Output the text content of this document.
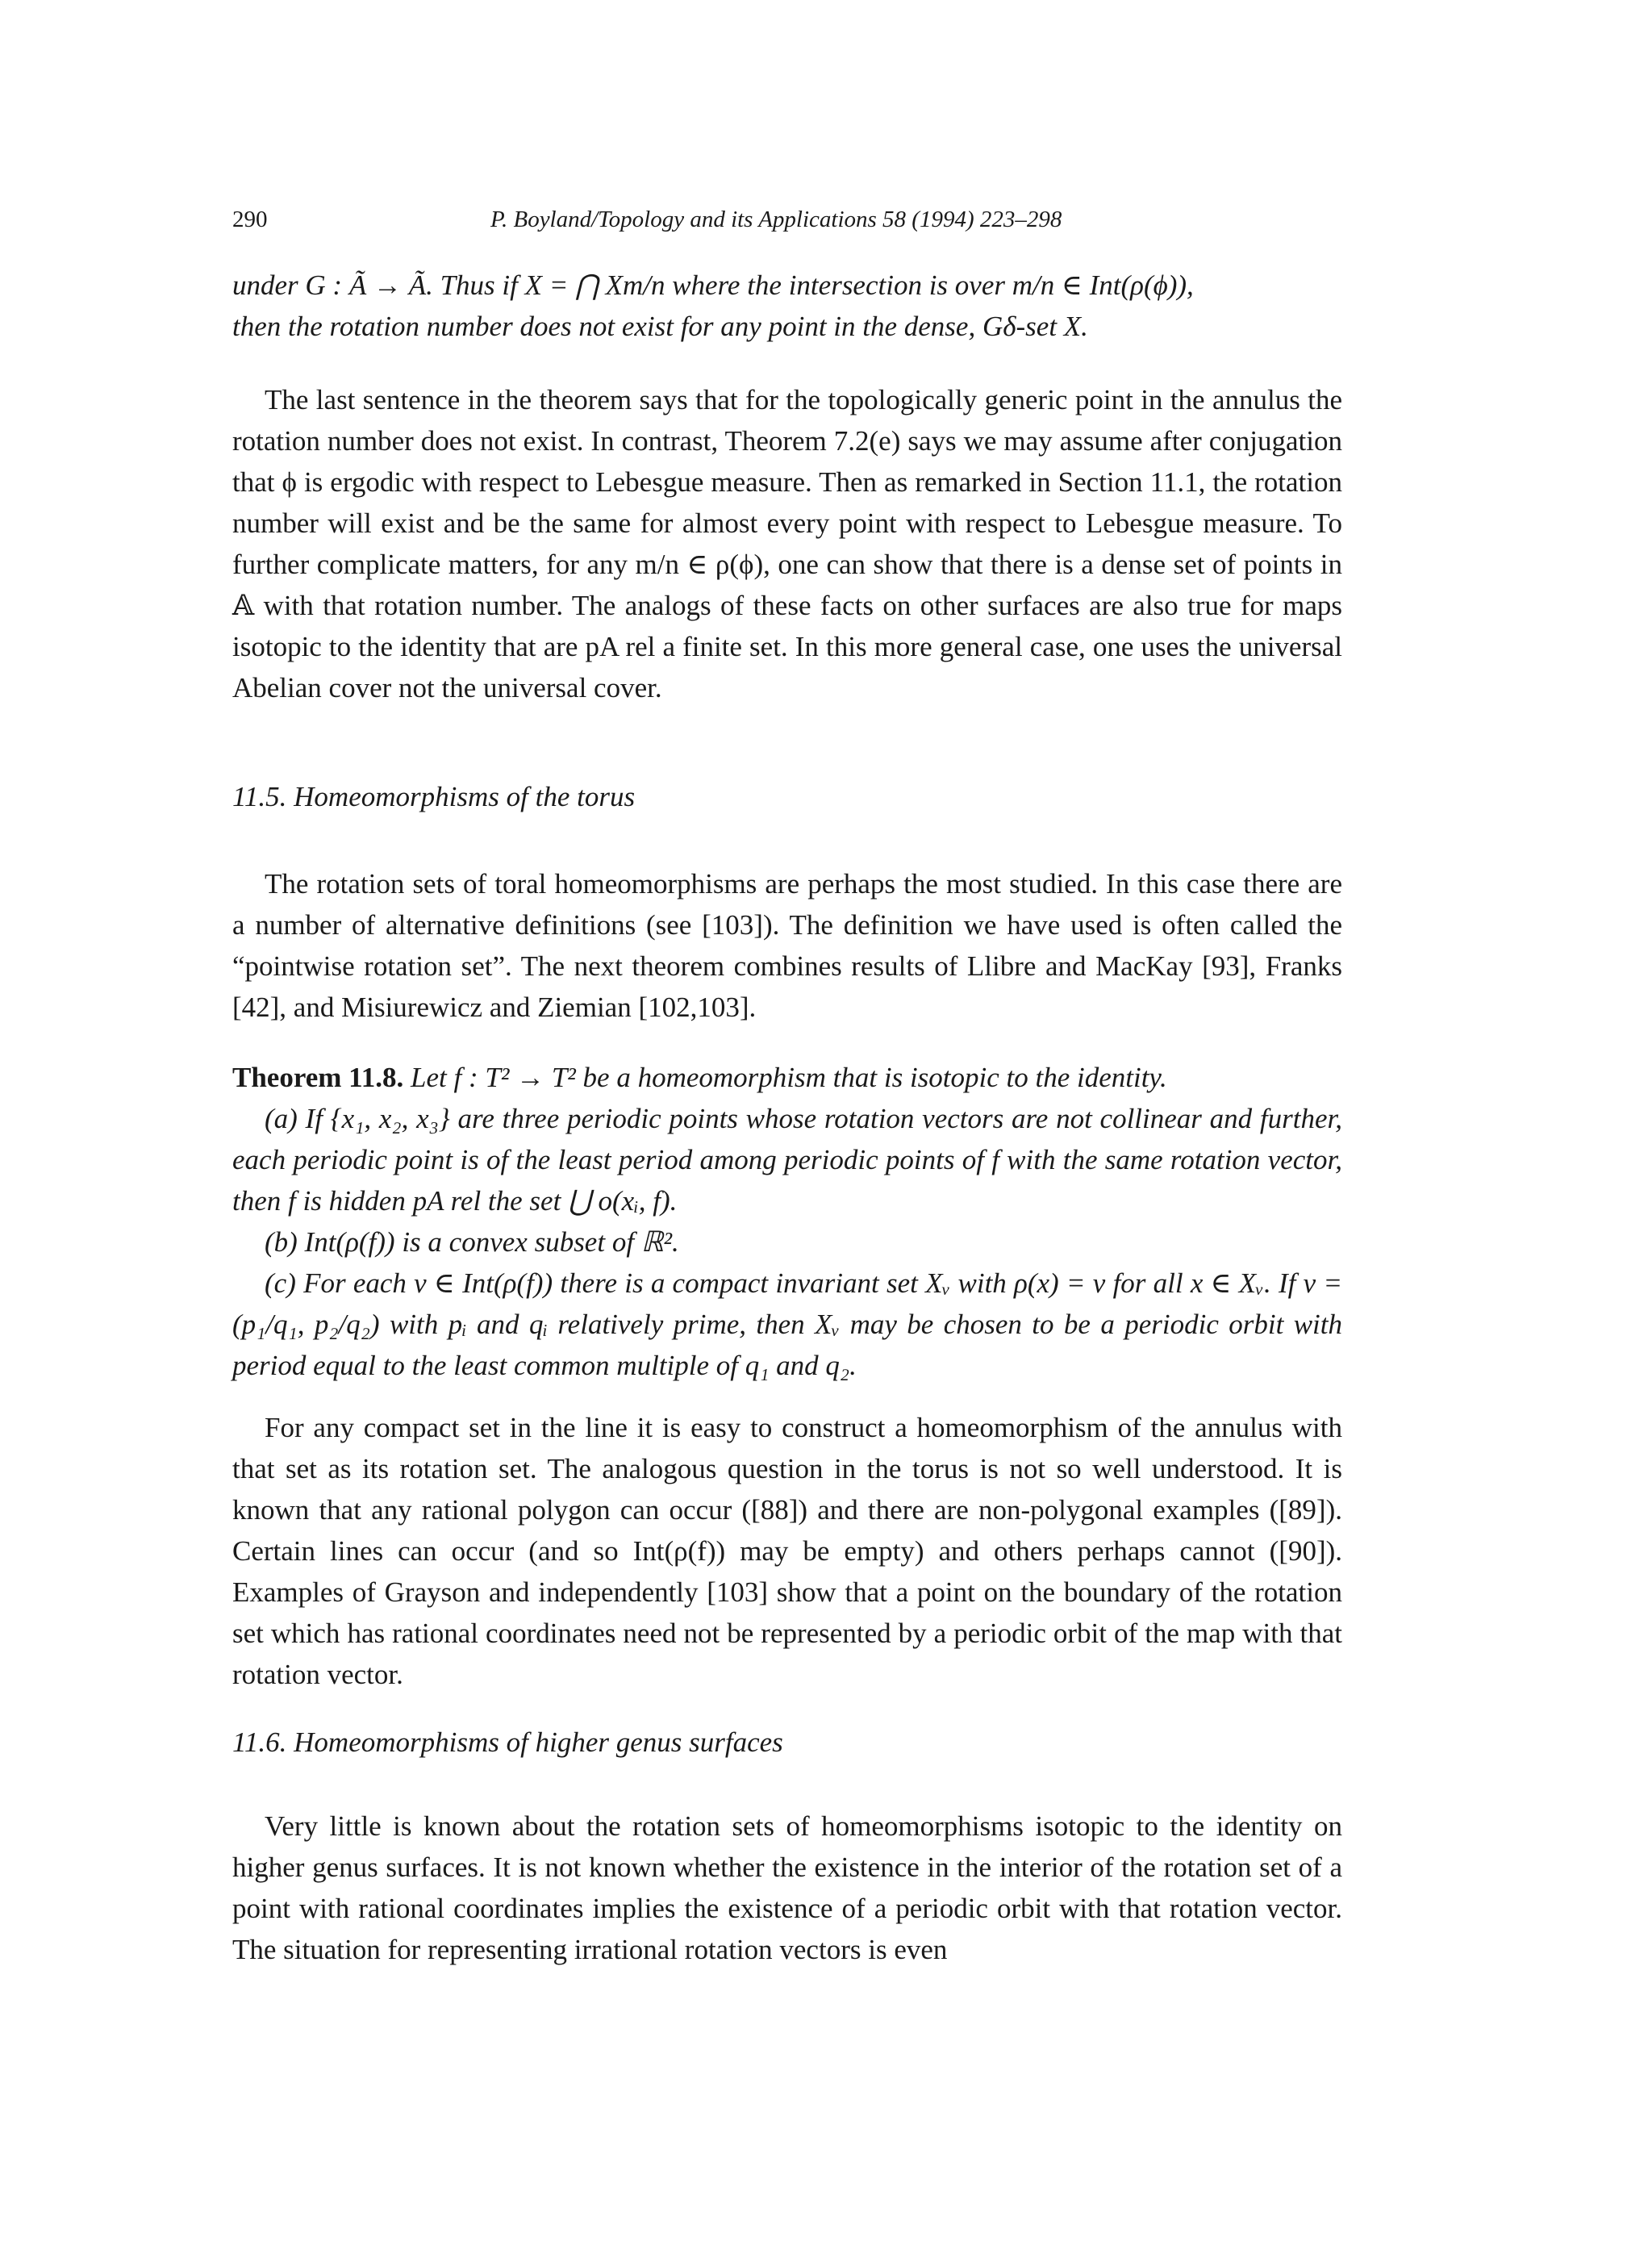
290	P. Boyland/Topology and its Applications 58 (1994) 223–298

under G : Ã → Ã. Thus if X = ⋂ Xm/n where the intersection is over m/n ∈ Int(ρ(ϕ)),

then the rotation number does not exist for any point in the dense, Gδ-set X.

The last sentence in the theorem says that for the topologically generic point in the annulus the rotation number does not exist. In contrast, Theorem 7.2(e) says we may assume after conjugation that ϕ is ergodic with respect to Lebesgue measure. Then as remarked in Section 11.1, the rotation number will exist and be the same for almost every point with respect to Lebesgue measure. To further complicate matters, for any m/n ∈ ρ(ϕ), one can show that there is a dense set of points in 𝔸 with that rotation number. The analogs of these facts on other surfaces are also true for maps isotopic to the identity that are pA rel a finite set. In this more general case, one uses the universal Abelian cover not the universal cover.

11.5. Homeomorphisms of the torus

The rotation sets of toral homeomorphisms are perhaps the most studied. In this case there are a number of alternative definitions (see [103]). The definition we have used is often called the “pointwise rotation set”. The next theorem combines results of Llibre and MacKay [93], Franks [42], and Misiurewicz and Ziemian [102,103].

Theorem 11.8. Let f : T² → T² be a homeomorphism that is isotopic to the identity.

(a) If {x₁, x₂, x₃} are three periodic points whose rotation vectors are not collinear and further, each periodic point is of the least period among periodic points of f with the same rotation vector, then f is hidden pA rel the set ⋃ o(xᵢ, f).

(b) Int(ρ(f)) is a convex subset of ℝ².

(c) For each v ∈ Int(ρ(f)) there is a compact invariant set Xᵥ with ρ(x) = v for all x ∈ Xᵥ. If v = (p₁/q₁, p₂/q₂) with pᵢ and qᵢ relatively prime, then Xᵥ may be chosen to be a periodic orbit with period equal to the least common multiple of q₁ and q₂.

For any compact set in the line it is easy to construct a homeomorphism of the annulus with that set as its rotation set. The analogous question in the torus is not so well understood. It is known that any rational polygon can occur ([88]) and there are non-polygonal examples ([89]). Certain lines can occur (and so Int(ρ(f)) may be empty) and others perhaps cannot ([90]). Examples of Grayson and independently [103] show that a point on the boundary of the rotation set which has rational coordinates need not be represented by a periodic orbit of the map with that rotation vector.

11.6. Homeomorphisms of higher genus surfaces

Very little is known about the rotation sets of homeomorphisms isotopic to the identity on higher genus surfaces. It is not known whether the existence in the interior of the rotation set of a point with rational coordinates implies the existence of a periodic orbit with that rotation vector. The situation for representing irrational rotation vectors is even
